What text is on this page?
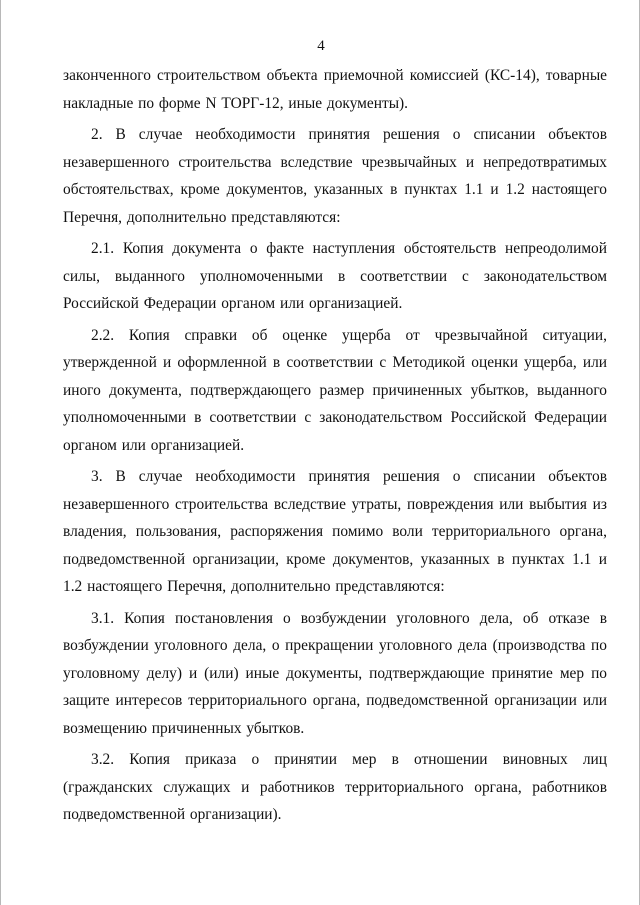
4

законченного строительством объекта приемочной комиссией (КС-14), товарные накладные по форме N ТОРГ-12, иные документы).

2. В случае необходимости принятия решения о списании объектов незавершенного строительства вследствие чрезвычайных и непредотвратимых обстоятельствах, кроме документов, указанных в пунктах 1.1 и 1.2 настоящего Перечня, дополнительно представляются:

2.1. Копия документа о факте наступления обстоятельств непреодолимой силы, выданного уполномоченными в соответствии с законодательством Российской Федерации органом или организацией.

2.2. Копия справки об оценке ущерба от чрезвычайной ситуации, утвержденной и оформленной в соответствии с Методикой оценки ущерба, или иного документа, подтверждающего размер причиненных убытков, выданного уполномоченными в соответствии с законодательством Российской Федерации органом или организацией.

3. В случае необходимости принятия решения о списании объектов незавершенного строительства вследствие утраты, повреждения или выбытия из владения, пользования, распоряжения помимо воли территориального органа, подведомственной организации, кроме документов, указанных в пунктах 1.1 и 1.2 настоящего Перечня, дополнительно представляются:

3.1. Копия постановления о возбуждении уголовного дела, об отказе в возбуждении уголовного дела, о прекращении уголовного дела (производства по уголовному делу) и (или) иные документы, подтверждающие принятие мер по защите интересов территориального органа, подведомственной организации или возмещению причиненных убытков.

3.2. Копия приказа о принятии мер в отношении виновных лиц (гражданских служащих и работников территориального органа, работников подведомственной организации).
